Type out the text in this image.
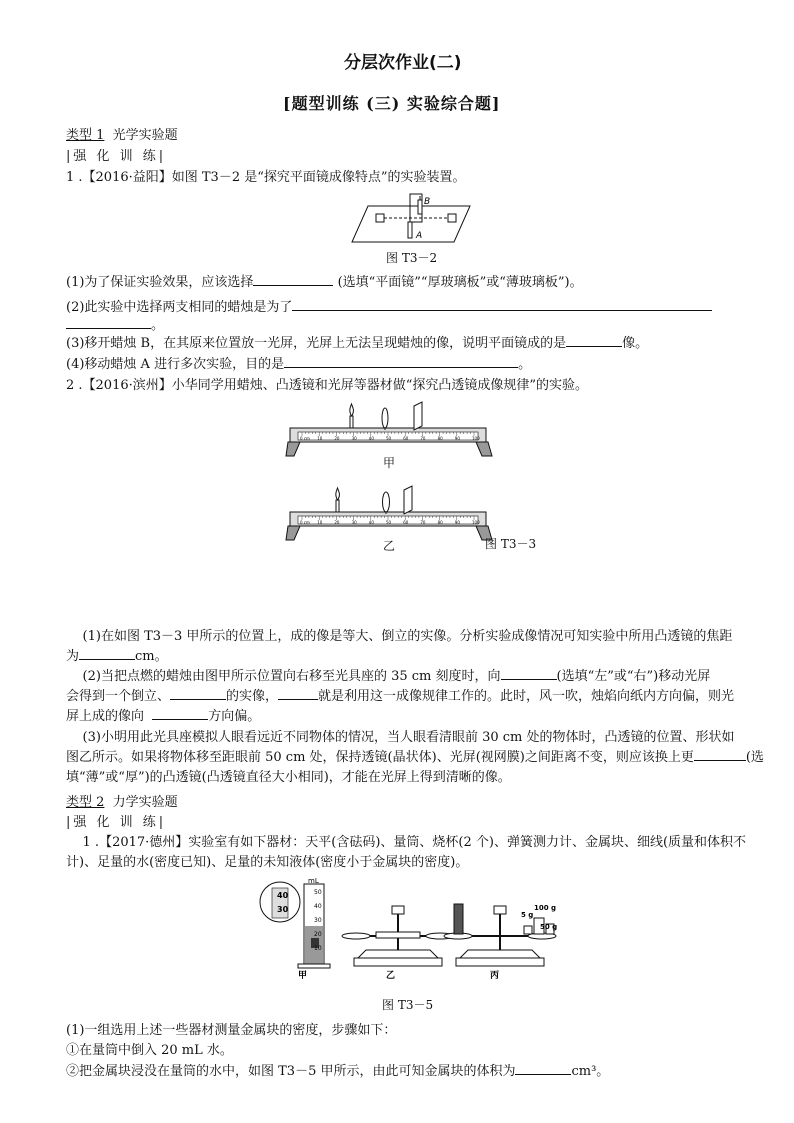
分层次作业(二)
[题型训练 (三) 实验综合题]
类型 1 光学实验题
|强 化 训 练|
1 .【2016·益阳】如图 T3－2 是“探究平面镜成像特点”的实验装置。
B
A
图 T3－2
(1)为了保证实验效果，应该选择	(选填“平面镜”“厚玻璃板”或“薄玻璃板”)。
(2)此实验中选择两支相同的蜡烛是为了
。
(3)移开蜡烛 B，在其原来位置放一光屏，光屏上无法呈现蜡烛的像，说明平面镜成的是	像。
(4)移动蜡烛 A 进行多次实验，目的是	。
2 .【2016·滨州】小华同学用蜡烛、凸透镜和光屏等器材做“探究凸透镜成像规律”的实验。
0 cm 10	20	30	40	50	60	70	80	90	100
甲
0 cm 10	20	30	40	50	60	70	80	90	100
乙	图 T3－3
(1)在如图 T3－3 甲所示的位置上，成的像是等大、倒立的实像。分析实验成像情况可知实验中所用凸透镜的焦距
为	cm。
(2)当把点燃的蜡烛由图甲所示位置向右移至光具座的 35 cm 刻度时，向	(选填“左”或“右”)移动光屏
会得到一个倒立、	的实像，	就是利用这一成像规律工作的。此时，风一吹，烛焰向纸内方向偏，则光
屏上成的像向	方向偏。
(3)小明用此光具座模拟人眼看远近不同物体的情况，当人眼看清眼前 30 cm 处的物体时，凸透镜的位置、形状如
图乙所示。如果将物体移至距眼前 50 cm 处，保持透镜(晶状体)、光屏(视网膜)之间距离不变，则应该换上更	(选
填“薄”或“厚”)的凸透镜(凸透镜直径大小相同)，才能在光屏上得到清晰的像。
类型 2 力学实验题
|强 化 训 练|
1 .【2017·德州】实验室有如下器材：天平(含砝码)、量筒、烧杯(2 个)、弹簧测力计、金属块、细线(质量和体积不
计)、足量的水(密度已知)、足量的未知液体(密度小于金属块的密度)。
40
30
mL
50
40
30
20
10
5 g
100 g
50 g
甲	乙	丙
图 T3－5
(1)一组选用上述一些器材测量金属块的密度，步骤如下：
①在量筒中倒入 20 mL 水。
②把金属块浸没在量筒的水中，如图 T3－5 甲所示，由此可知金属块的体积为	cm³。
